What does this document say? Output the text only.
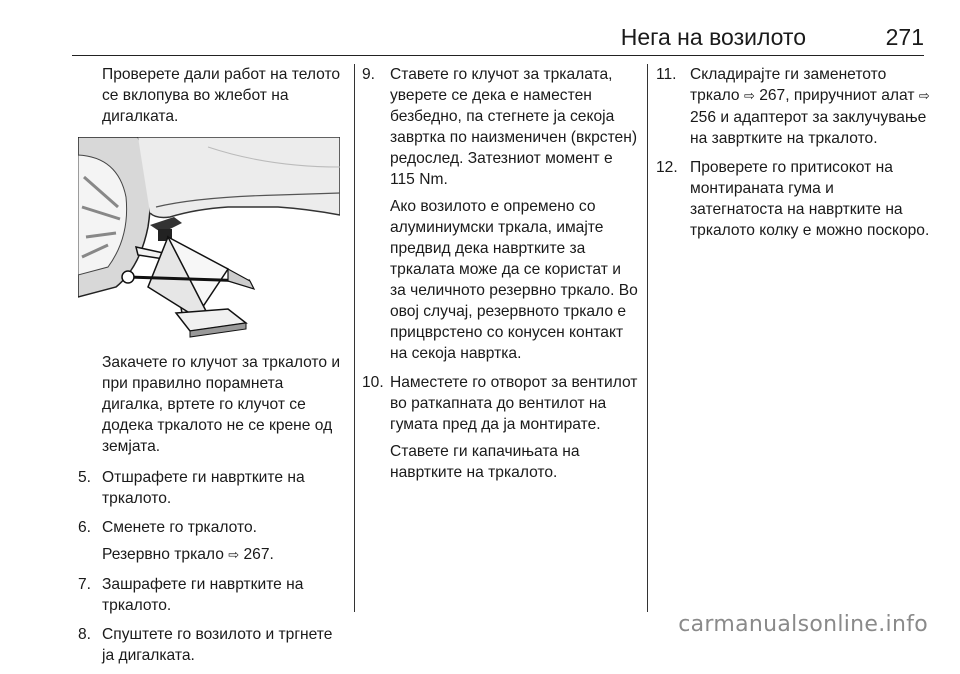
Нега на возилото	271

Проверете дали работ на телото се вклопува во жлебот на дигалката.

Закачете го клучот за тркалото и при правилно порамнета дигалка, вртете го клучот се додека тркалото не се крене од земјата.

5. Отшрафете ги навртките на тркалото.
6. Сменете го тркалото.
Резервно тркало ⇨ 267.
7. Зашрафете ги навртките на тркалото.
8. Спуштете го возилото и тргнете ја дигалката.
9. Ставете го клучот за тркалата, уверете се дека е наместен безбедно, па стегнете ја секоја завртка по наизменичен (вкрстен) редослед. Затезниот момент е 115 Nm.
Ако возилото е опремено со алуминиумски тркала, имајте предвид дека навртките за тркалата може да се користат и за челичното резервно тркало. Во овој случај, резервното тркало е прицврстено со конусен контакт на секоја навртка.
10. Наместете го отворот за вентилот во раткапната до вентилот на гумата пред да ја монтирате.
Ставете ги капачињата на навртките на тркалото.
11. Складирајте ги заменетото тркало ⇨ 267, приручниот алат ⇨ 256 и адаптерот за заклучување на завртките на тркалото.
12. Проверете го притисокот на монтираната гума и затегнатоста на навртките на тркалото колку е можно поскоро.
carmanualsonline.info
